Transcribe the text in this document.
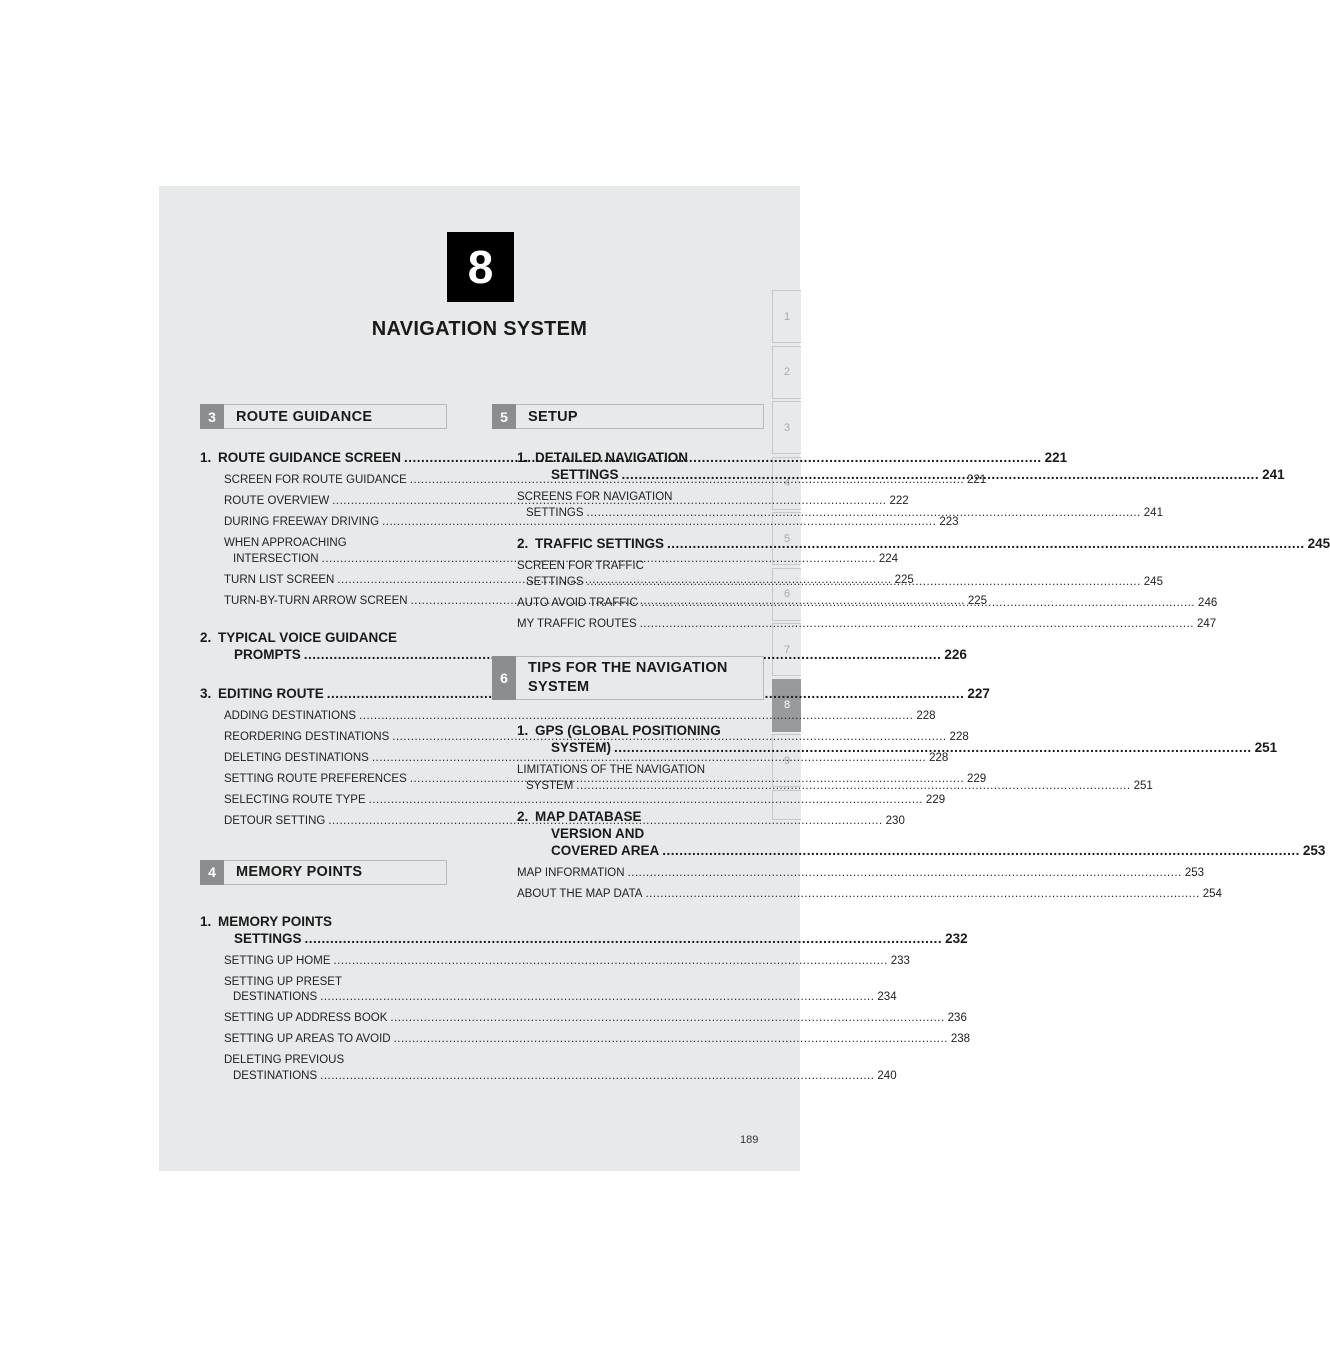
8
NAVIGATION SYSTEM
1
2
3
4
5
6
7
8
9
3	ROUTE GUIDANCE
1. ROUTE GUIDANCE SCREEN .....	221
SCREEN FOR ROUTE GUIDANCE .....	221
ROUTE OVERVIEW .....	222
DURING FREEWAY DRIVING .....	223
WHEN APPROACHING
INTERSECTION .....	224
TURN LIST SCREEN .....	225
TURN-BY-TURN ARROW SCREEN .....	225
2. TYPICAL VOICE GUIDANCE
PROMPTS .....	226
3. EDITING ROUTE .....	227
ADDING DESTINATIONS .....	228
REORDERING DESTINATIONS .....	228
DELETING DESTINATIONS .....	228
SETTING ROUTE PREFERENCES .....	229
SELECTING ROUTE TYPE .....	229
DETOUR SETTING .....	230
4	MEMORY POINTS
1. MEMORY POINTS
SETTINGS .....	232
SETTING UP HOME .....	233
SETTING UP PRESET
DESTINATIONS .....	234
SETTING UP ADDRESS BOOK .....	236
SETTING UP AREAS TO AVOID .....	238
DELETING PREVIOUS
DESTINATIONS .....	240
5	SETUP
1. DETAILED NAVIGATION
SETTINGS .....	241
SCREENS FOR NAVIGATION
SETTINGS .....	241
2. TRAFFIC SETTINGS .....	245
SCREEN FOR TRAFFIC
SETTINGS .....	245
AUTO AVOID TRAFFIC .....	246
MY TRAFFIC ROUTES .....	247
6
TIPS FOR THE NAVIGATION
SYSTEM
1. GPS (GLOBAL POSITIONING
SYSTEM) .....	251
LIMITATIONS OF THE NAVIGATION
SYSTEM .....	251
2. MAP DATABASE
VERSION AND
COVERED AREA .....	253
MAP INFORMATION .....	253
ABOUT THE MAP DATA .....	254
189
